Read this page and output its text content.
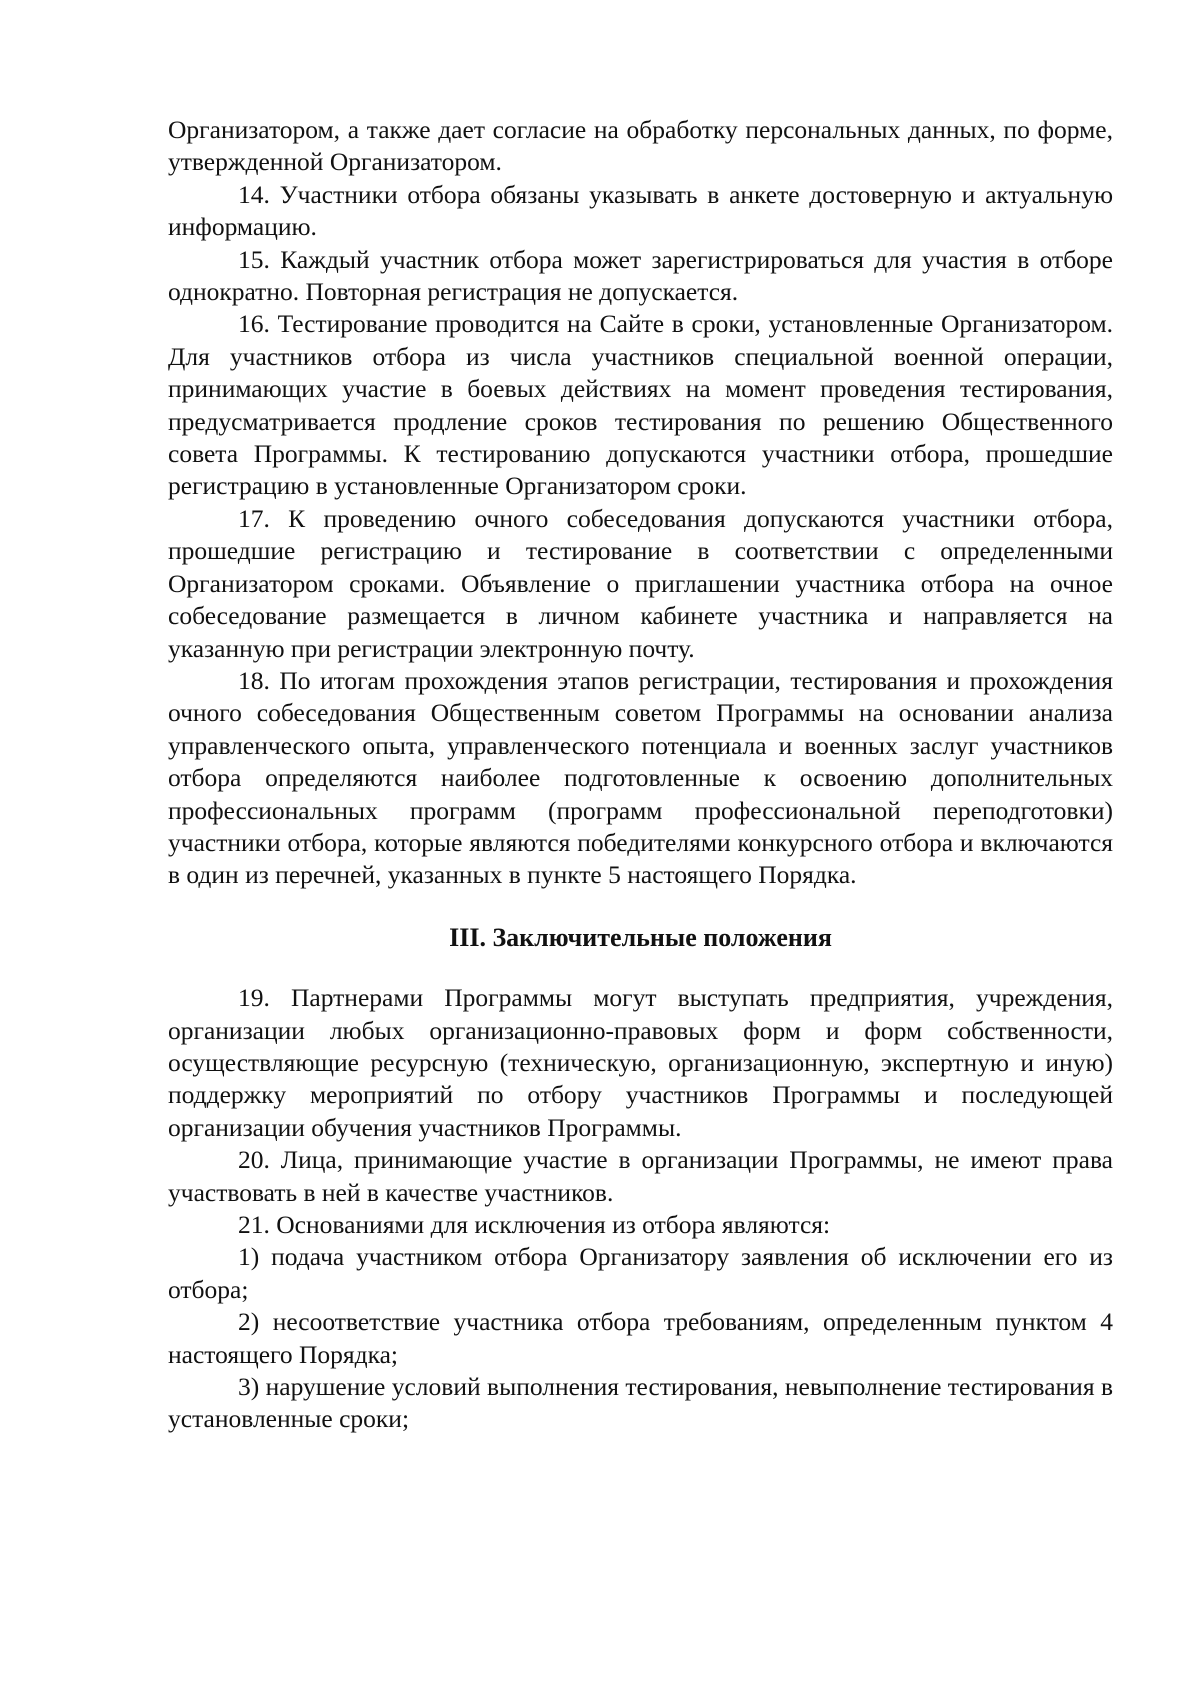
Организатором, а также дает согласие на обработку персональных данных, по форме, утвержденной Организатором.

14. Участники отбора обязаны указывать в анкете достоверную и актуальную информацию.

15. Каждый участник отбора может зарегистрироваться для участия в отборе однократно. Повторная регистрация не допускается.

16. Тестирование проводится на Сайте в сроки, установленные Организатором. Для участников отбора из числа участников специальной военной операции, принимающих участие в боевых действиях на момент проведения тестирования, предусматривается продление сроков тестирования по решению Общественного совета Программы. К тестированию допускаются участники отбора, прошедшие регистрацию в установленные Организатором сроки.

17. К проведению очного собеседования допускаются участники отбора, прошедшие регистрацию и тестирование в соответствии с определенными Организатором сроками. Объявление о приглашении участника отбора на очное собеседование размещается в личном кабинете участника и направляется на указанную при регистрации электронную почту.

18. По итогам прохождения этапов регистрации, тестирования и прохождения очного собеседования Общественным советом Программы на основании анализа управленческого опыта, управленческого потенциала и военных заслуг участников отбора определяются наиболее подготовленные к освоению дополнительных профессиональных программ (программ профессиональной переподготовки) участники отбора, которые являются победителями конкурсного отбора и включаются в один из перечней, указанных в пункте 5 настоящего Порядка.

III. Заключительные положения

19. Партнерами Программы могут выступать предприятия, учреждения, организации любых организационно-правовых форм и форм собственности, осуществляющие ресурсную (техническую, организационную, экспертную и иную) поддержку мероприятий по отбору участников Программы и последующей организации обучения участников Программы.

20. Лица, принимающие участие в организации Программы, не имеют права участвовать в ней в качестве участников.

21. Основаниями для исключения из отбора являются:

1) подача участником отбора Организатору заявления об исключении его из отбора;

2) несоответствие участника отбора требованиям, определенным пунктом 4 настоящего Порядка;

3) нарушение условий выполнения тестирования, невыполнение тестирования в установленные сроки;
